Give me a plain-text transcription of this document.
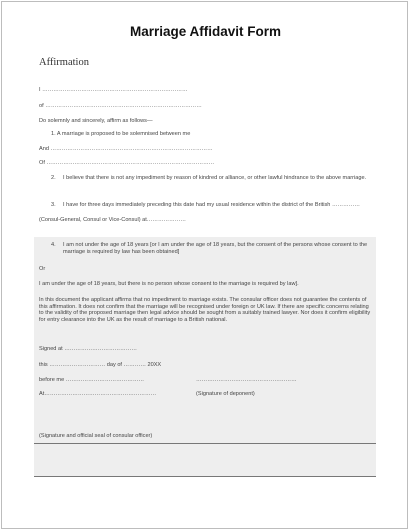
Marriage Affidavit Form
Affirmation
I ……………………………………………………………………
of …………………………………………………………………………
Do solemnly and sincerely, affirm as follows—
1. A marriage is proposed to be solemnised between me
And ……………………………………………………………………………
Of ………………………………………………………………………………
2. I believe that there is not any impediment by reason of kindred or alliance, or other lawful hindrance to the above marriage.
3. I have for three days immediately preceding this date had my usual residence within the district of the British ……………
(Consul-General, Consul or Vice-Consul) at…………………
4. I am not under the age of 18 years [or I am under the age of 18 years, but the consent of the persons whose consent to the marriage is required by law has been obtained]
Or
I am under the age of 18 years, but there is no person whose consent to the marriage is required by law].
In this document the applicant affirms that no impediment to marriage exists. The consular officer does not guarantee the contents of this affirmation. It does not confirm that the marriage will be recognised under foreign or UK law. If there are specific concerns relating to the validity of the proposed marriage then legal advice should be sought from a suitably trained lawyer. Nor does it confirm eligibility for entry clearance into the UK as the result of marriage to a British national.
Signed at …………………………………
this ………………………… day of ………… 20XX
before me ……………………………………	………………………………………………
At……………………………………………………	(Signature of deponent)
(Signature and official seal of consular officer)
